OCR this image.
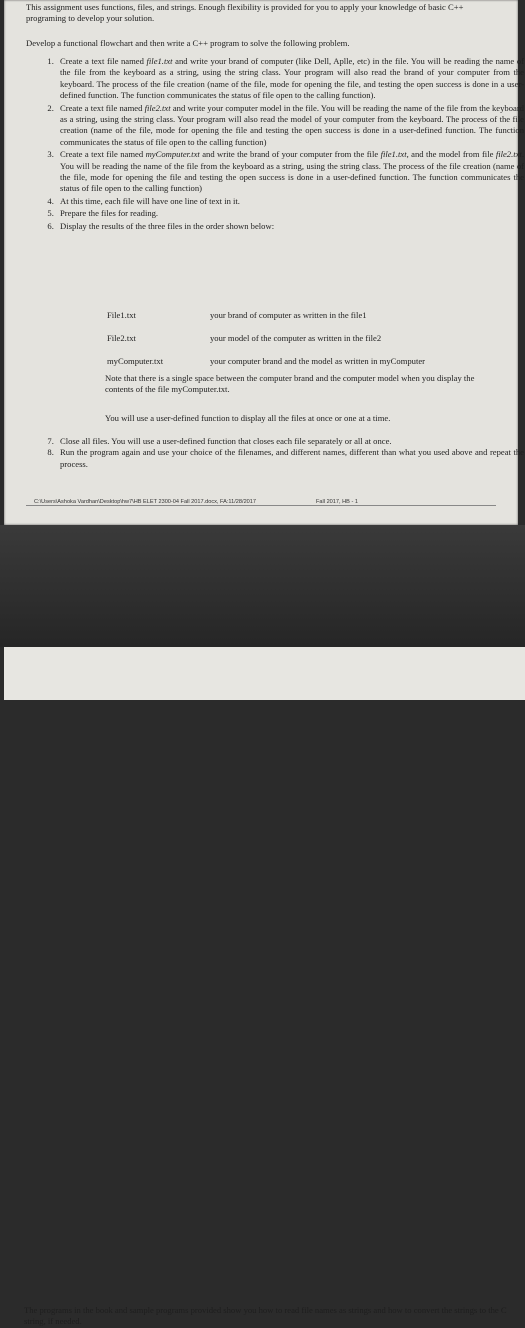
This assignment uses functions, files, and strings. Enough flexibility is provided for you to apply your knowledge of basic C++ programing to develop your solution.
Develop a functional flowchart and then write a C++ program to solve the following problem.
1. Create a text file named file1.txt and write your brand of computer (like Dell, Aplle, etc) in the file. You will be reading the name of the file from the keyboard as a string, using the string class. Your program will also read the brand of your computer from the keyboard. The process of the file creation (name of the file, mode for opening the file, and testing the open success is done in a user-defined function. The function communicates the status of file open to the calling function).
2. Create a text file named file2.txt and write your computer model in the file. You will be reading the name of the file from the keyboard as a string, using the string class. Your program will also read the model of your computer from the keyboard. The process of the file creation (name of the file, mode for opening the file and testing the open success is done in a user-defined function. The function communicates the status of file open to the calling function)
3. Create a text file named myComputer.txt and write the brand of your computer from the file file1.txt, and the model from file file2.txt. You will be reading the name of the file from the keyboard as a string, using the string class. The process of the file creation (name of the file, mode for opening the file and testing the open success is done in a user-defined function. The function communicates the status of file open to the calling function)
4. At this time, each file will have one line of text in it.
5. Prepare the files for reading.
6. Display the results of the three files in the order shown below:
File1.txt	your brand of computer as written in the file1
File2.txt	your model of the computer as written in the file2
myComputer.txt	your computer brand and the model as written in myComputer
Note that there is a single space between the computer brand and the computer model when you display the contents of the file myComputer.txt.
You will use a user-defined function to display all the files at once or one at a time.
7. Close all files. You will use a user-defined function that closes each file separately or all at once.
8. Run the program again and use your choice of the filenames, and different names, different than what you used above and repeat the process.
C:\Users\Ashoka Vardhan\Desktop\hw7\HB ELET 2300-04 Fall 2017.docx, FA:11/28/2017	Fall 2017, HB - 1
The programs in the book and sample programs provided show you how to read file names as strings and how to convert the strings to the C string, if needed.
